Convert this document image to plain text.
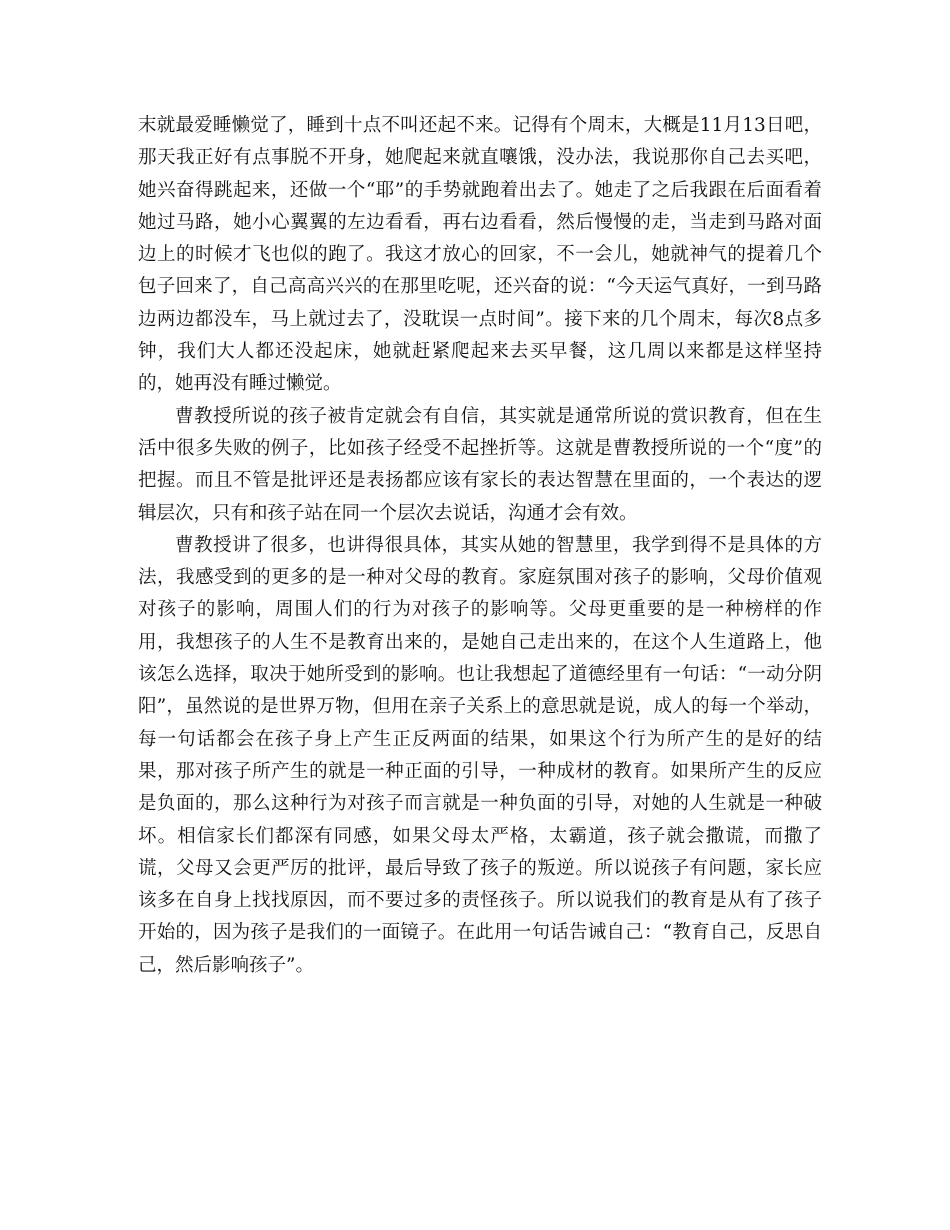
末就最爱睡懒觉了，睡到十点不叫还起不来。记得有个周末，大概是11月13日吧，那天我正好有点事脱不开身，她爬起来就直嚷饿，没办法，我说那你自己去买吧，她兴奋得跳起来，还做一个“耶”的手势就跑着出去了。她走了之后我跟在后面看着她过马路，她小心翼翼的左边看看，再右边看看，然后慢慢的走，当走到马路对面边上的时候才飞也似的跑了。我这才放心的回家，不一会儿，她就神气的提着几个包子回来了，自己高高兴兴的在那里吃呢，还兴奋的说：“今天运气真好，一到马路边两边都没车，马上就过去了，没耽误一点时间”。接下来的几个周末，每次8点多钟，我们大人都还没起床，她就赶紧爬起来去买早餐，这几周以来都是这样坚持的，她再没有睡过懒觉。

曹教授所说的孩子被肯定就会有自信，其实就是通常所说的赏识教育，但在生活中很多失败的例子，比如孩子经受不起挫折等。这就是曹教授所说的一个“度”的把握。而且不管是批评还是表扬都应该有家长的表达智慧在里面的，一个表达的逻辑层次，只有和孩子站在同一个层次去说话，沟通才会有效。

曹教授讲了很多，也讲得很具体，其实从她的智慧里，我学到得不是具体的方法，我感受到的更多的是一种对父母的教育。家庭氛围对孩子的影响，父母价值观对孩子的影响，周围人们的行为对孩子的影响等。父母更重要的是一种榜样的作用，我想孩子的人生不是教育出来的，是她自己走出来的，在这个人生道路上，他该怎么选择，取决于她所受到的影响。也让我想起了道德经里有一句话：“一动分阴阳”，虽然说的是世界万物，但用在亲子关系上的意思就是说，成人的每一个举动，每一句话都会在孩子身上产生正反两面的结果，如果这个行为所产生的是好的结果，那对孩子所产生的就是一种正面的引导，一种成材的教育。如果所产生的反应是负面的，那么这种行为对孩子而言就是一种负面的引导，对她的人生就是一种破坏。相信家长们都深有同感，如果父母太严格，太霸道，孩子就会撒谎，而撒了谎，父母又会更严厉的批评，最后导致了孩子的叛逆。所以说孩子有问题，家长应该多在自身上找找原因，而不要过多的责怪孩子。所以说我们的教育是从有了孩子开始的，因为孩子是我们的一面镜子。在此用一句话告诫自己：“教育自己，反思自己，然后影响孩子”。
